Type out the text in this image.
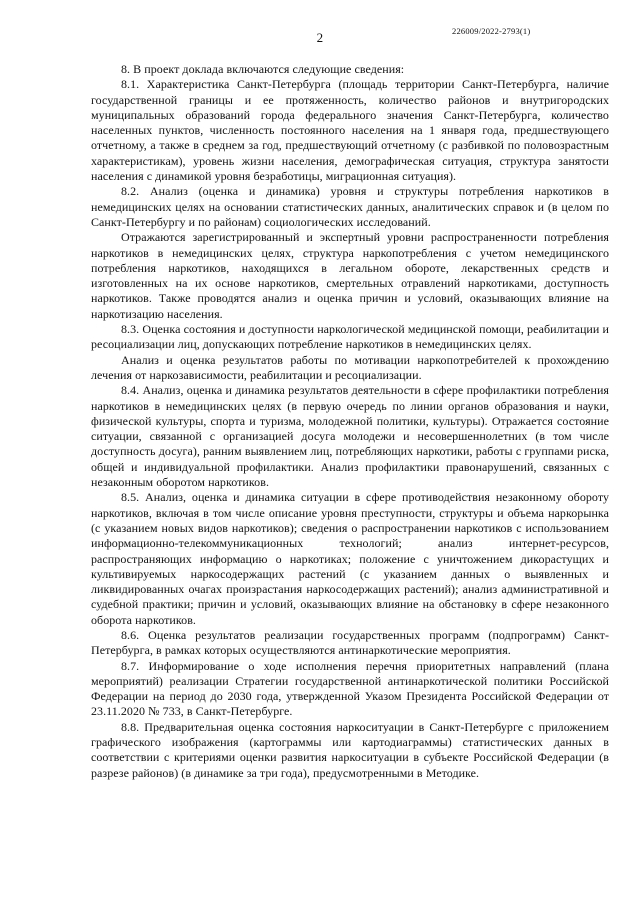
2	226009/2022-2793(1)

8. В проект доклада включаются следующие сведения:

8.1. Характеристика Санкт-Петербурга (площадь территории Санкт-Петербурга, наличие государственной границы и ее протяженность, количество районов и внутригородских муниципальных образований города федерального значения Санкт-Петербурга, количество населенных пунктов, численность постоянного населения на 1 января года, предшествующего отчетному, а также в среднем за год, предшествующий отчетному (с разбивкой по половозрастным характеристикам), уровень жизни населения, демографическая ситуация, структура занятости населения с динамикой уровня безработицы, миграционная ситуация).

8.2. Анализ (оценка и динамика) уровня и структуры потребления наркотиков в немедицинских целях на основании статистических данных, аналитических справок и (в целом по Санкт-Петербургу и по районам) социологических исследований.

Отражаются зарегистрированный и экспертный уровни распространенности потребления наркотиков в немедицинских целях, структура наркопотребления с учетом немедицинского потребления наркотиков, находящихся в легальном обороте, лекарственных средств и изготовленных на их основе наркотиков, смертельных отравлений наркотиками, доступность наркотиков. Также проводятся анализ и оценка причин и условий, оказывающих влияние на наркотизацию населения.

8.3. Оценка состояния и доступности наркологической медицинской помощи, реабилитации и ресоциализации лиц, допускающих потребление наркотиков в немедицинских целях.

Анализ и оценка результатов работы по мотивации наркопотребителей к прохождению лечения от наркозависимости, реабилитации и ресоциализации.

8.4. Анализ, оценка и динамика результатов деятельности в сфере профилактики потребления наркотиков в немедицинских целях (в первую очередь по линии органов образования и науки, физической культуры, спорта и туризма, молодежной политики, культуры). Отражается состояние ситуации, связанной с организацией досуга молодежи и несовершеннолетних (в том числе доступность досуга), ранним выявлением лиц, потребляющих наркотики, работы с группами риска, общей и индивидуальной профилактики. Анализ профилактики правонарушений, связанных с незаконным оборотом наркотиков.

8.5. Анализ, оценка и динамика ситуации в сфере противодействия незаконному обороту наркотиков, включая в том числе описание уровня преступности, структуры и объема наркорынка (с указанием новых видов наркотиков); сведения о распространении наркотиков с использованием информационно-телекоммуникационных технологий; анализ интернет-ресурсов, распространяющих информацию о наркотиках; положение с уничтожением дикорастущих и культивируемых наркосодержащих растений (с указанием данных о выявленных и ликвидированных очагах произрастания наркосодержащих растений); анализ административной и судебной практики; причин и условий, оказывающих влияние на обстановку в сфере незаконного оборота наркотиков.

8.6. Оценка результатов реализации государственных программ (подпрограмм) Санкт-Петербурга, в рамках которых осуществляются антинаркотические мероприятия.

8.7. Информирование о ходе исполнения перечня приоритетных направлений (плана мероприятий) реализации Стратегии государственной антинаркотической политики Российской Федерации на период до 2030 года, утвержденной Указом Президента Российской Федерации от 23.11.2020 № 733, в Санкт-Петербурге.

8.8. Предварительная оценка состояния наркоситуации в Санкт-Петербурге с приложением графического изображения (картограммы или картодиаграммы) статистических данных в соответствии с критериями оценки развития наркоситуации в субъекте Российской Федерации (в разрезе районов) (в динамике за три года), предусмотренными в Методике.
